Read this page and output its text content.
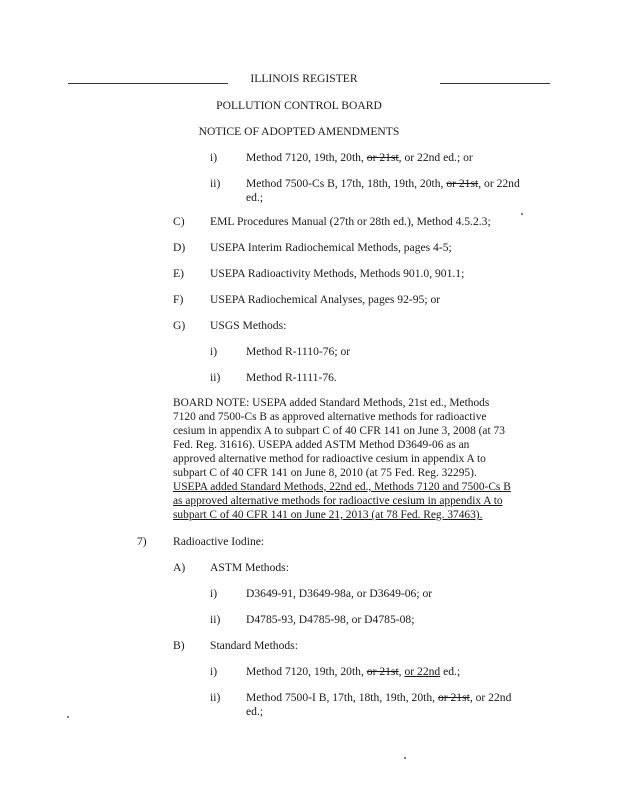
ILLINOIS REGISTER
POLLUTION CONTROL BOARD
NOTICE OF ADOPTED AMENDMENTS
i) Method 7120, 19th, 20th, or 21st, or 22nd ed.; or
ii) Method 7500-Cs B, 17th, 18th, 19th, 20th, or 21st, or 22nd
ed.;
C) EML Procedures Manual (27th or 28th ed.), Method 4.5.2.3;
D) USEPA Interim Radiochemical Methods, pages 4-5;
E) USEPA Radioactivity Methods, Methods 901.0, 901.1;
F) USEPA Radiochemical Analyses, pages 92-95; or
G) USGS Methods:
i) Method R-1110-76; or
ii) Method R-1111-76.
BOARD NOTE: USEPA added Standard Methods, 21st ed., Methods
7120 and 7500-Cs B as approved alternative methods for radioactive
cesium in appendix A to subpart C of 40 CFR 141 on June 3, 2008 (at 73
Fed. Reg. 31616). USEPA added ASTM Method D3649-06 as an
approved alternative method for radioactive cesium in appendix A to
subpart C of 40 CFR 141 on June 8, 2010 (at 75 Fed. Reg. 32295).
USEPA added Standard Methods, 22nd ed., Methods 7120 and 7500-Cs B
as approved alternative methods for radioactive cesium in appendix A to
subpart C of 40 CFR 141 on June 21, 2013 (at 78 Fed. Reg. 37463).
7) Radioactive Iodine:
A) ASTM Methods:
i) D3649-91, D3649-98a, or D3649-06; or
ii) D4785-93, D4785-98, or D4785-08;
B) Standard Methods:
i) Method 7120, 19th, 20th, or 21st, or 22nd ed.;
ii) Method 7500-I B, 17th, 18th, 19th, 20th, or 21st, or 22nd
ed.;
